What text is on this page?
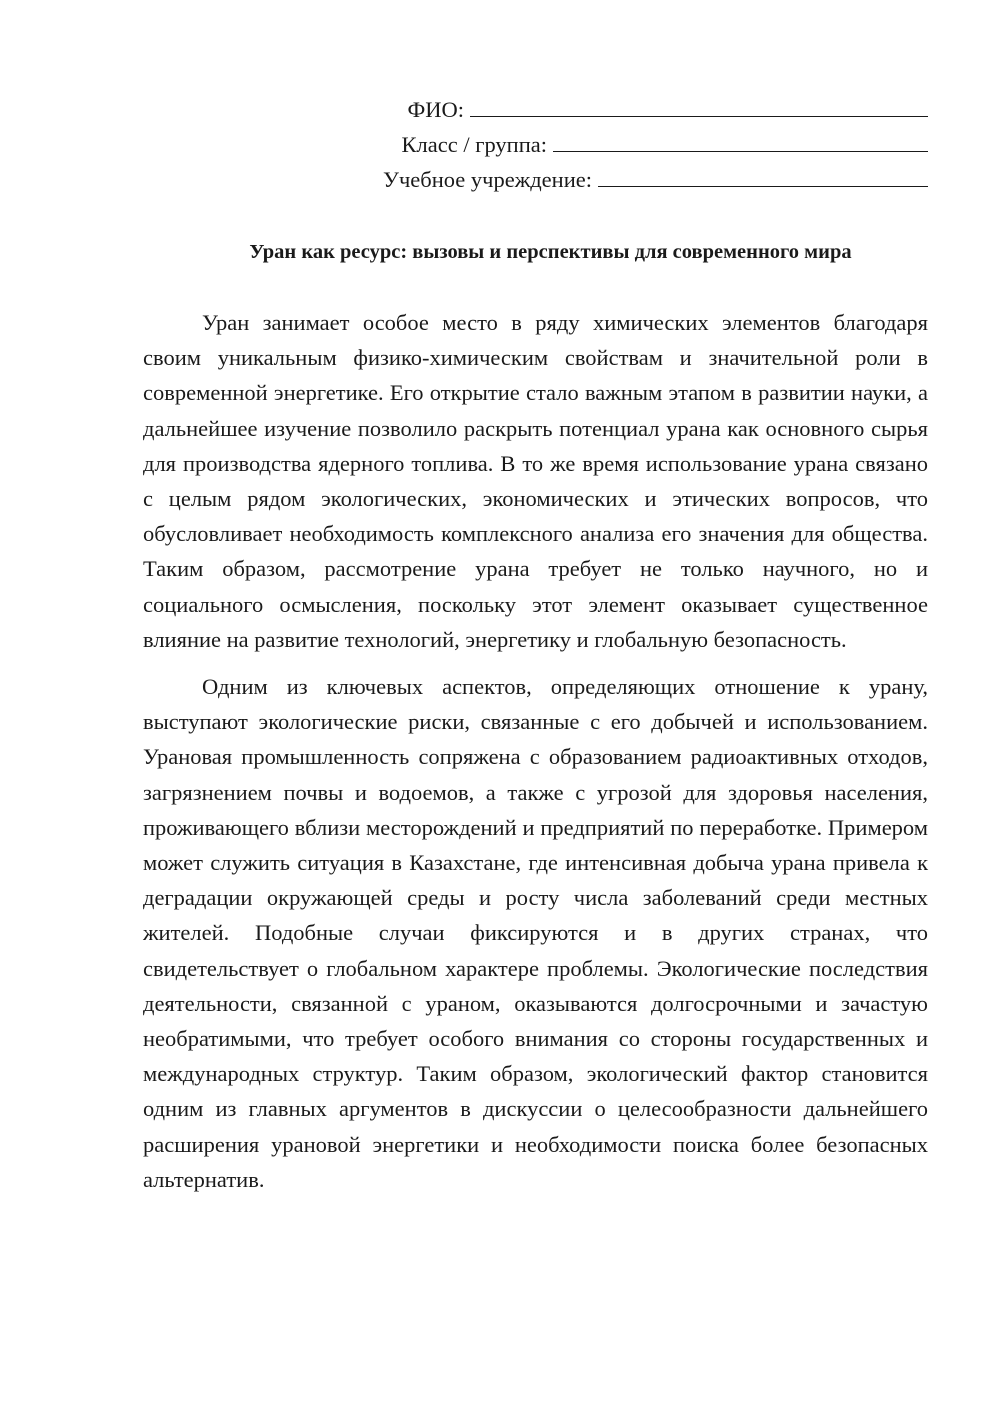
ФИО:
Класс / группа:
Учебное учреждение:
Уран как ресурс: вызовы и перспективы для современного мира

Уран занимает особое место в ряду химических элементов благодаря своим уникальным физико-химическим свойствам и значительной роли в современной энергетике. Его открытие стало важным этапом в развитии науки, а дальнейшее изучение позволило раскрыть потенциал урана как основного сырья для производства ядерного топлива. В то же время использование урана связано с целым рядом экологических, экономических и этических вопросов, что обусловливает необходимость комплексного анализа его значения для общества. Таким образом, рассмотрение урана требует не только научного, но и социального осмысления, поскольку этот элемент оказывает существенное влияние на развитие технологий, энергетику и глобальную безопасность.

Одним из ключевых аспектов, определяющих отношение к урану, выступают экологические риски, связанные с его добычей и использованием. Урановая промышленность сопряжена с образованием радиоактивных отходов, загрязнением почвы и водоемов, а также с угрозой для здоровья населения, проживающего вблизи месторождений и предприятий по переработке. Примером может служить ситуация в Казахстане, где интенсивная добыча урана привела к деградации окружающей среды и росту числа заболеваний среди местных жителей. Подобные случаи фиксируются и в других странах, что свидетельствует о глобальном характере проблемы. Экологические последствия деятельности, связанной с ураном, оказываются долгосрочными и зачастую необратимыми, что требует особого внимания со стороны государственных и международных структур. Таким образом, экологический фактор становится одним из главных аргументов в дискуссии о целесообразности дальнейшего расширения урановой энергетики и необходимости поиска более безопасных альтернатив.
